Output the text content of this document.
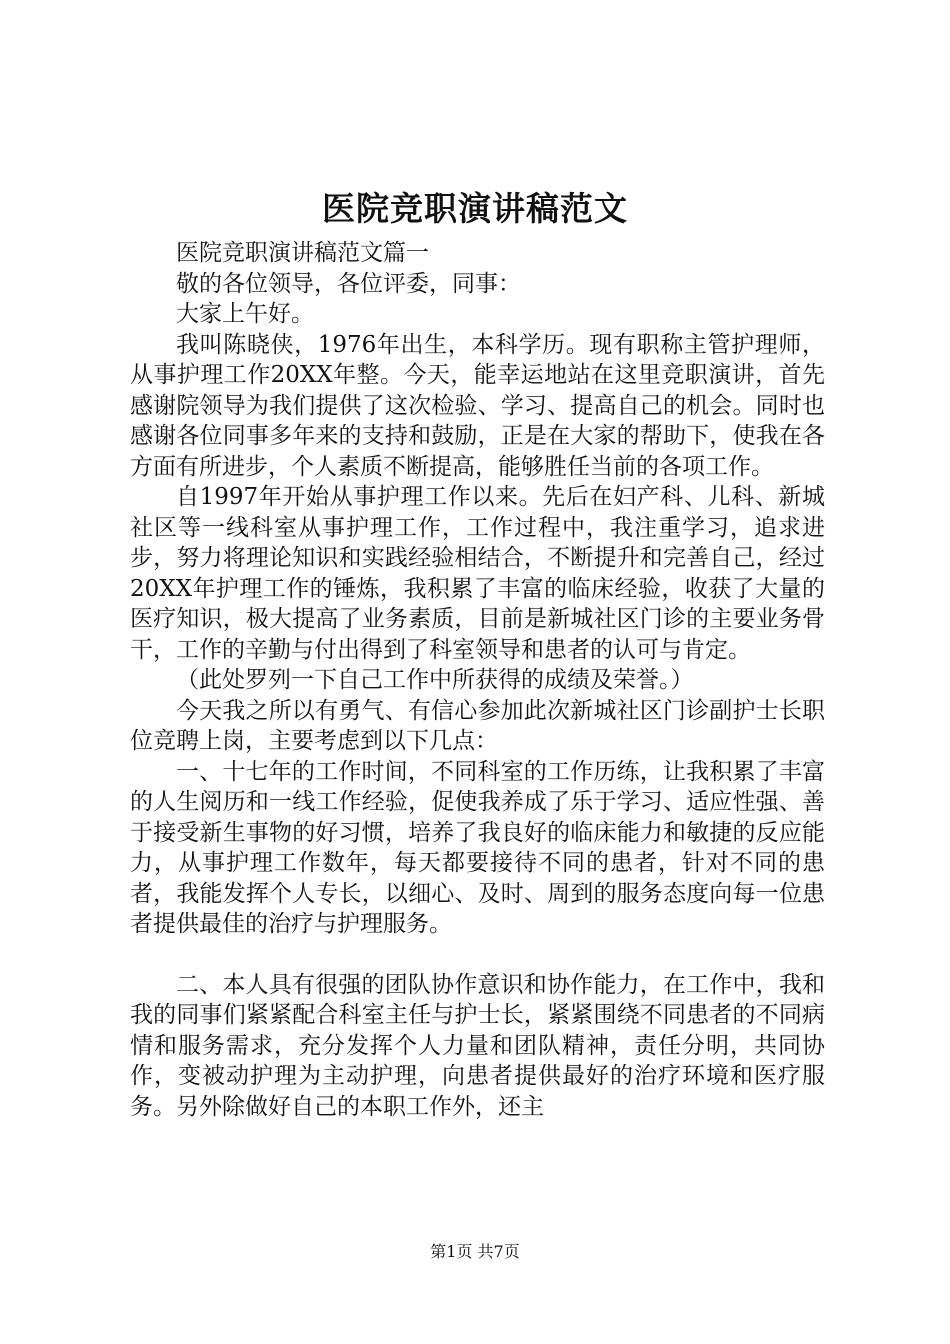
医院竞职演讲稿范文

医院竞职演讲稿范文篇一

敬的各位领导，各位评委，同事：

大家上午好。

我叫陈晓侠，1976年出生，本科学历。现有职称主管护理师，从事护理工作20XX年整。今天，能幸运地站在这里竞职演讲，首先感谢院领导为我们提供了这次检验、学习、提高自己的机会。同时也感谢各位同事多年来的支持和鼓励，正是在大家的帮助下，使我在各方面有所进步，个人素质不断提高，能够胜任当前的各项工作。

自1997年开始从事护理工作以来。先后在妇产科、儿科、新城社区等一线科室从事护理工作，工作过程中，我注重学习，追求进步，努力将理论知识和实践经验相结合，不断提升和完善自己，经过20XX年护理工作的锤炼，我积累了丰富的临床经验，收获了大量的医疗知识，极大提高了业务素质，目前是新城社区门诊的主要业务骨干，工作的辛勤与付出得到了科室领导和患者的认可与肯定。

（此处罗列一下自己工作中所获得的成绩及荣誉。）

今天我之所以有勇气、有信心参加此次新城社区门诊副护士长职位竞聘上岗，主要考虑到以下几点：

一、十七年的工作时间，不同科室的工作历练，让我积累了丰富的人生阅历和一线工作经验，促使我养成了乐于学习、适应性强、善于接受新生事物的好习惯，培养了我良好的临床能力和敏捷的反应能力，从事护理工作数年，每天都要接待不同的患者，针对不同的患者，我能发挥个人专长，以细心、及时、周到的服务态度向每一位患者提供最佳的治疗与护理服务。

二、本人具有很强的团队协作意识和协作能力，在工作中，我和我的同事们紧紧配合科室主任与护士长，紧紧围绕不同患者的不同病情和服务需求，充分发挥个人力量和团队精神，责任分明，共同协作，变被动护理为主动护理，向患者提供最好的治疗环境和医疗服务。另外除做好自己的本职工作外，还主

第1页 共7页
